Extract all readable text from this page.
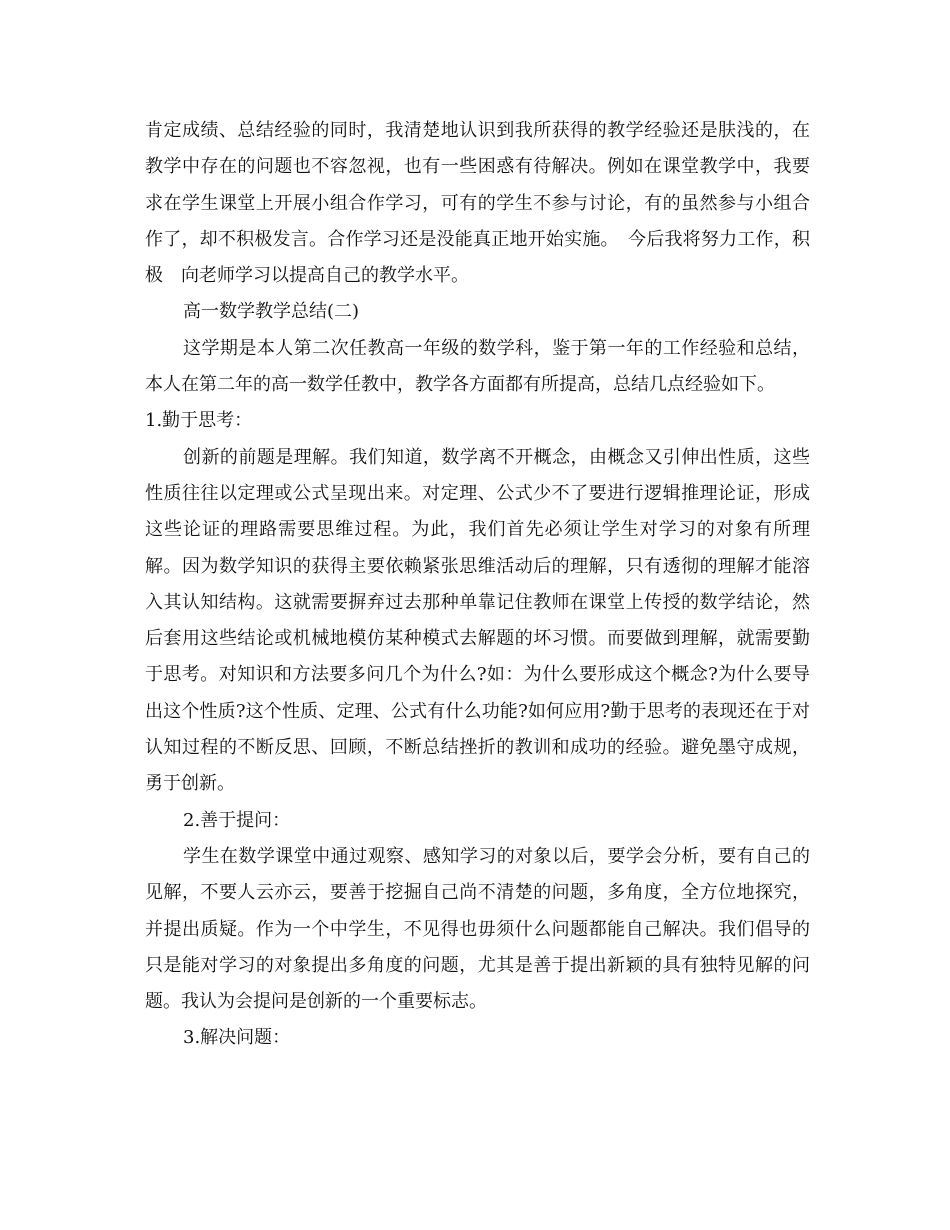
肯定成绩、总结经验的同时，我清楚地认识到我所获得的教学经验还是肤浅的，在教学中存在的问题也不容忽视，也有一些困惑有待解决。例如在课堂教学中，我要求在学生课堂上开展小组合作学习，可有的学生不参与讨论，有的虽然参与小组合作了，却不积极发言。合作学习还是没能真正地开始实施。　今后我将努力工作，积极　向老师学习以提高自己的教学水平。

高一数学教学总结(二)

这学期是本人第二次任教高一年级的数学科，鉴于第一年的工作经验和总结，本人在第二年的高一数学任教中，教学各方面都有所提高，总结几点经验如下。

1.勤于思考：

创新的前题是理解。我们知道，数学离不开概念，由概念又引伸出性质，这些性质往往以定理或公式呈现出来。对定理、公式少不了要进行逻辑推理论证，形成这些论证的理路需要思维过程。为此，我们首先必须让学生对学习的对象有所理解。因为数学知识的获得主要依赖紧张思维活动后的理解，只有透彻的理解才能溶入其认知结构。这就需要摒弃过去那种单靠记住教师在课堂上传授的数学结论，然后套用这些结论或机械地模仿某种模式去解题的坏习惯。而要做到理解，就需要勤于思考。对知识和方法要多问几个为什么?如：为什么要形成这个概念?为什么要导出这个性质?这个性质、定理、公式有什么功能?如何应用?勤于思考的表现还在于对认知过程的不断反思、回顾，不断总结挫折的教训和成功的经验。避免墨守成规，勇于创新。

2.善于提问：

学生在数学课堂中通过观察、感知学习的对象以后，要学会分析，要有自己的见解，不要人云亦云，要善于挖掘自己尚不清楚的问题，多角度，全方位地探究，并提出质疑。作为一个中学生，不见得也毋须什么问题都能自己解决。我们倡导的只是能对学习的对象提出多角度的问题，尤其是善于提出新颖的具有独特见解的问题。我认为会提问是创新的一个重要标志。

3.解决问题：
